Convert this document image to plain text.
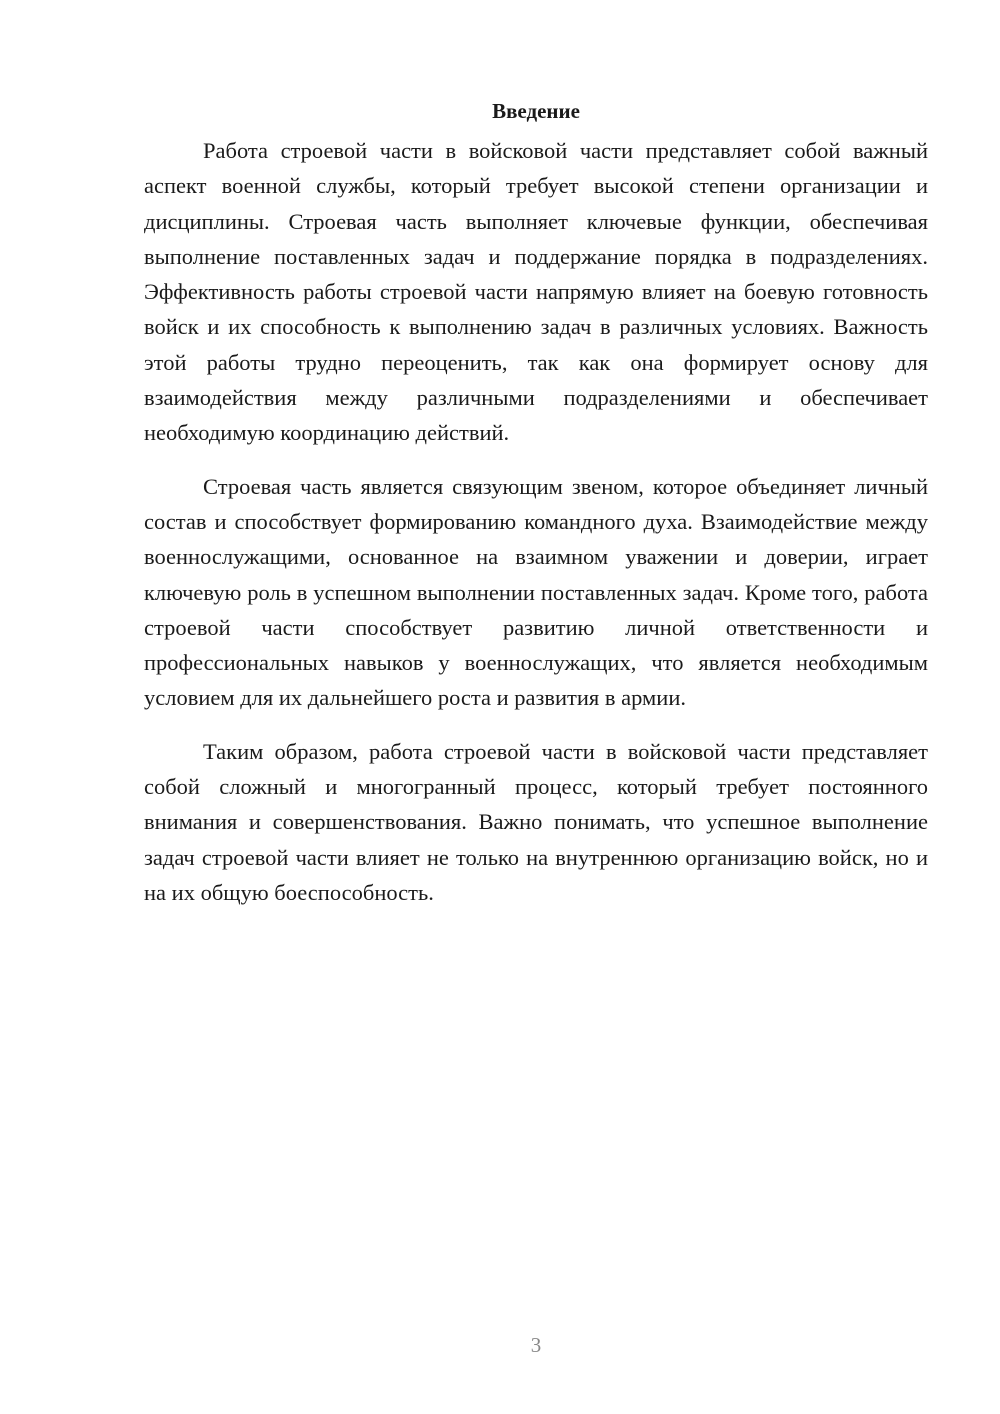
Введение

Работа строевой части в войсковой части представляет собой важный аспект военной службы, который требует высокой степени организации и дисциплины. Строевая часть выполняет ключевые функции, обеспечивая выполнение поставленных задач и поддержание порядка в подразделениях. Эффективность работы строевой части напрямую влияет на боевую готовность войск и их способность к выполнению задач в различных условиях. Важность этой работы трудно переоценить, так как она формирует основу для взаимодействия между различными подразделениями и обеспечивает необходимую координацию действий.

Строевая часть является связующим звеном, которое объединяет личный состав и способствует формированию командного духа. Взаимодействие между военнослужащими, основанное на взаимном уважении и доверии, играет ключевую роль в успешном выполнении поставленных задач. Кроме того, работа строевой части способствует развитию личной ответственности и профессиональных навыков у военнослужащих, что является необходимым условием для их дальнейшего роста и развития в армии.

Таким образом, работа строевой части в войсковой части представляет собой сложный и многогранный процесс, который требует постоянного внимания и совершенствования. Важно понимать, что успешное выполнение задач строевой части влияет не только на внутреннюю организацию войск, но и на их общую боеспособность.

3
